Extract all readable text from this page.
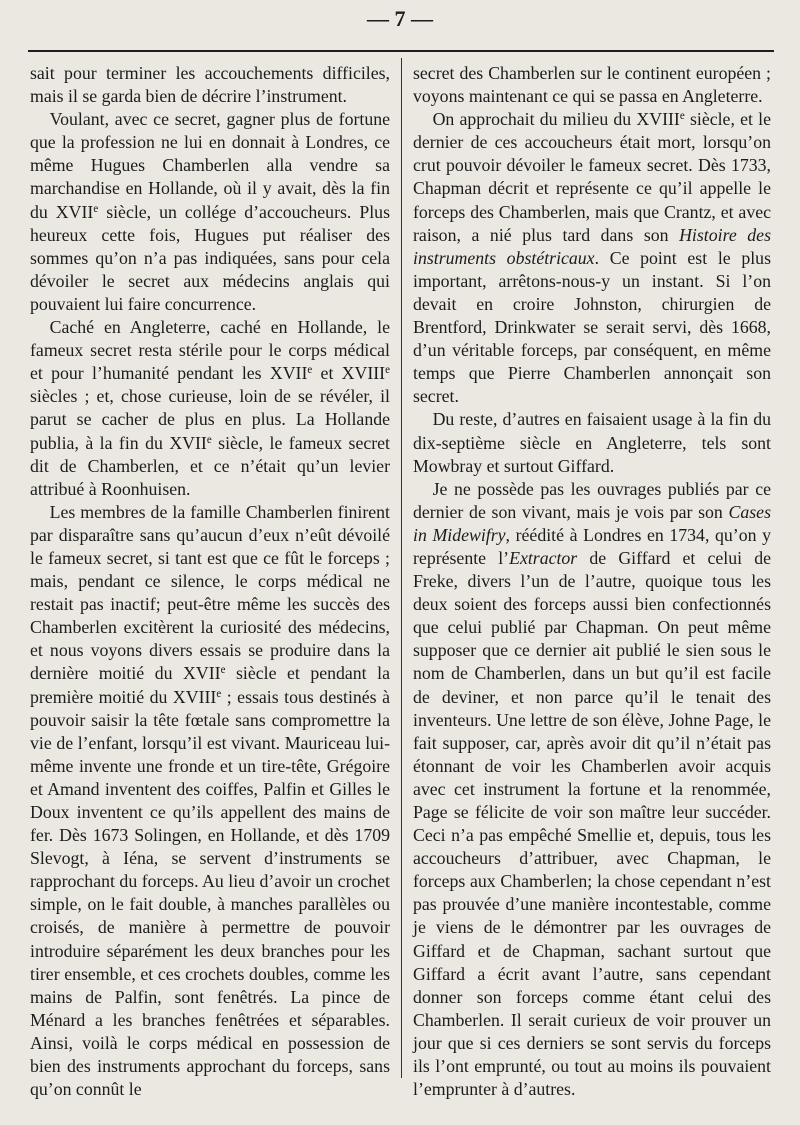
— 7 —

sait pour terminer les accouchements difficiles, mais il se garda bien de décrire l’instrument.

Voulant, avec ce secret, gagner plus de fortune que la profession ne lui en donnait à Londres, ce même Hugues Chamberlen alla vendre sa marchandise en Hollande, où il y avait, dès la fin du XVIIe siècle, un collége d’accoucheurs. Plus heureux cette fois, Hugues put réaliser des sommes qu’on n’a pas indiquées, sans pour cela dévoiler le secret aux médecins anglais qui pouvaient lui faire concurrence.

Caché en Angleterre, caché en Hollande, le fameux secret resta stérile pour le corps médical et pour l’humanité pendant les XVIIe et XVIIIe siècles ; et, chose curieuse, loin de se révéler, il parut se cacher de plus en plus. La Hollande publia, à la fin du XVIIe siècle, le fameux secret dit de Chamberlen, et ce n’était qu’un levier attribué à Roonhuisen.

Les membres de la famille Chamberlen finirent par disparaître sans qu’aucun d’eux n’eût dévoilé le fameux secret, si tant est que ce fût le forceps ; mais, pendant ce silence, le corps médical ne restait pas inactif; peut-être même les succès des Chamberlen excitèrent la curiosité des médecins, et nous voyons divers essais se produire dans la dernière moitié du XVIIe siècle et pendant la première moitié du XVIIIe ; essais tous destinés à pouvoir saisir la tête fœtale sans compromettre la vie de l’enfant, lorsqu’il est vivant. Mauriceau lui-même invente une fronde et un tire-tête, Grégoire et Amand inventent des coiffes, Palfin et Gilles le Doux inventent ce qu’ils appellent des mains de fer. Dès 1673 Solingen, en Hollande, et dès 1709 Slevogt, à Iéna, se servent d’instruments se rapprochant du forceps. Au lieu d’avoir un crochet simple, on le fait double, à manches parallèles ou croisés, de manière à permettre de pouvoir introduire séparément les deux branches pour les tirer ensemble, et ces crochets doubles, comme les mains de Palfin, sont fenêtrés. La pince de Ménard a les branches fenêtrées et séparables. Ainsi, voilà le corps médical en possession de bien des instruments approchant du forceps, sans qu’on connût le

secret des Chamberlen sur le continent européen ; voyons maintenant ce qui se passa en Angleterre.

On approchait du milieu du XVIIIe siècle, et le dernier de ces accoucheurs était mort, lorsqu’on crut pouvoir dévoiler le fameux secret. Dès 1733, Chapman décrit et représente ce qu’il appelle le forceps des Chamberlen, mais que Crantz, et avec raison, a nié plus tard dans son Histoire des instruments obstétricaux. Ce point est le plus important, arrêtons-nous-y un instant. Si l’on devait en croire Johnston, chirurgien de Brentford, Drinkwater se serait servi, dès 1668, d’un véritable forceps, par conséquent, en même temps que Pierre Chamberlen annonçait son secret.

Du reste, d’autres en faisaient usage à la fin du dix-septième siècle en Angleterre, tels sont Mowbray et surtout Giffard.

Je ne possède pas les ouvrages publiés par ce dernier de son vivant, mais je vois par son Cases in Midewifry, réédité à Londres en 1734, qu’on y représente l’Extractor de Giffard et celui de Freke, divers l’un de l’autre, quoique tous les deux soient des forceps aussi bien confectionnés que celui publié par Chapman. On peut même supposer que ce dernier ait publié le sien sous le nom de Chamberlen, dans un but qu’il est facile de deviner, et non parce qu’il le tenait des inventeurs. Une lettre de son élève, Johne Page, le fait supposer, car, après avoir dit qu’il n’était pas étonnant de voir les Chamberlen avoir acquis avec cet instrument la fortune et la renommée, Page se félicite de voir son maître leur succéder. Ceci n’a pas empêché Smellie et, depuis, tous les accoucheurs d’attribuer, avec Chapman, le forceps aux Chamberlen; la chose cependant n’est pas prouvée d’une manière incontestable, comme je viens de le démontrer par les ouvrages de Giffard et de Chapman, sachant surtout que Giffard a écrit avant l’autre, sans cependant donner son forceps comme étant celui des Chamberlen. Il serait curieux de voir prouver un jour que si ces derniers se sont servis du forceps ils l’ont emprunté, ou tout au moins ils pouvaient l’emprunter à d’autres.
